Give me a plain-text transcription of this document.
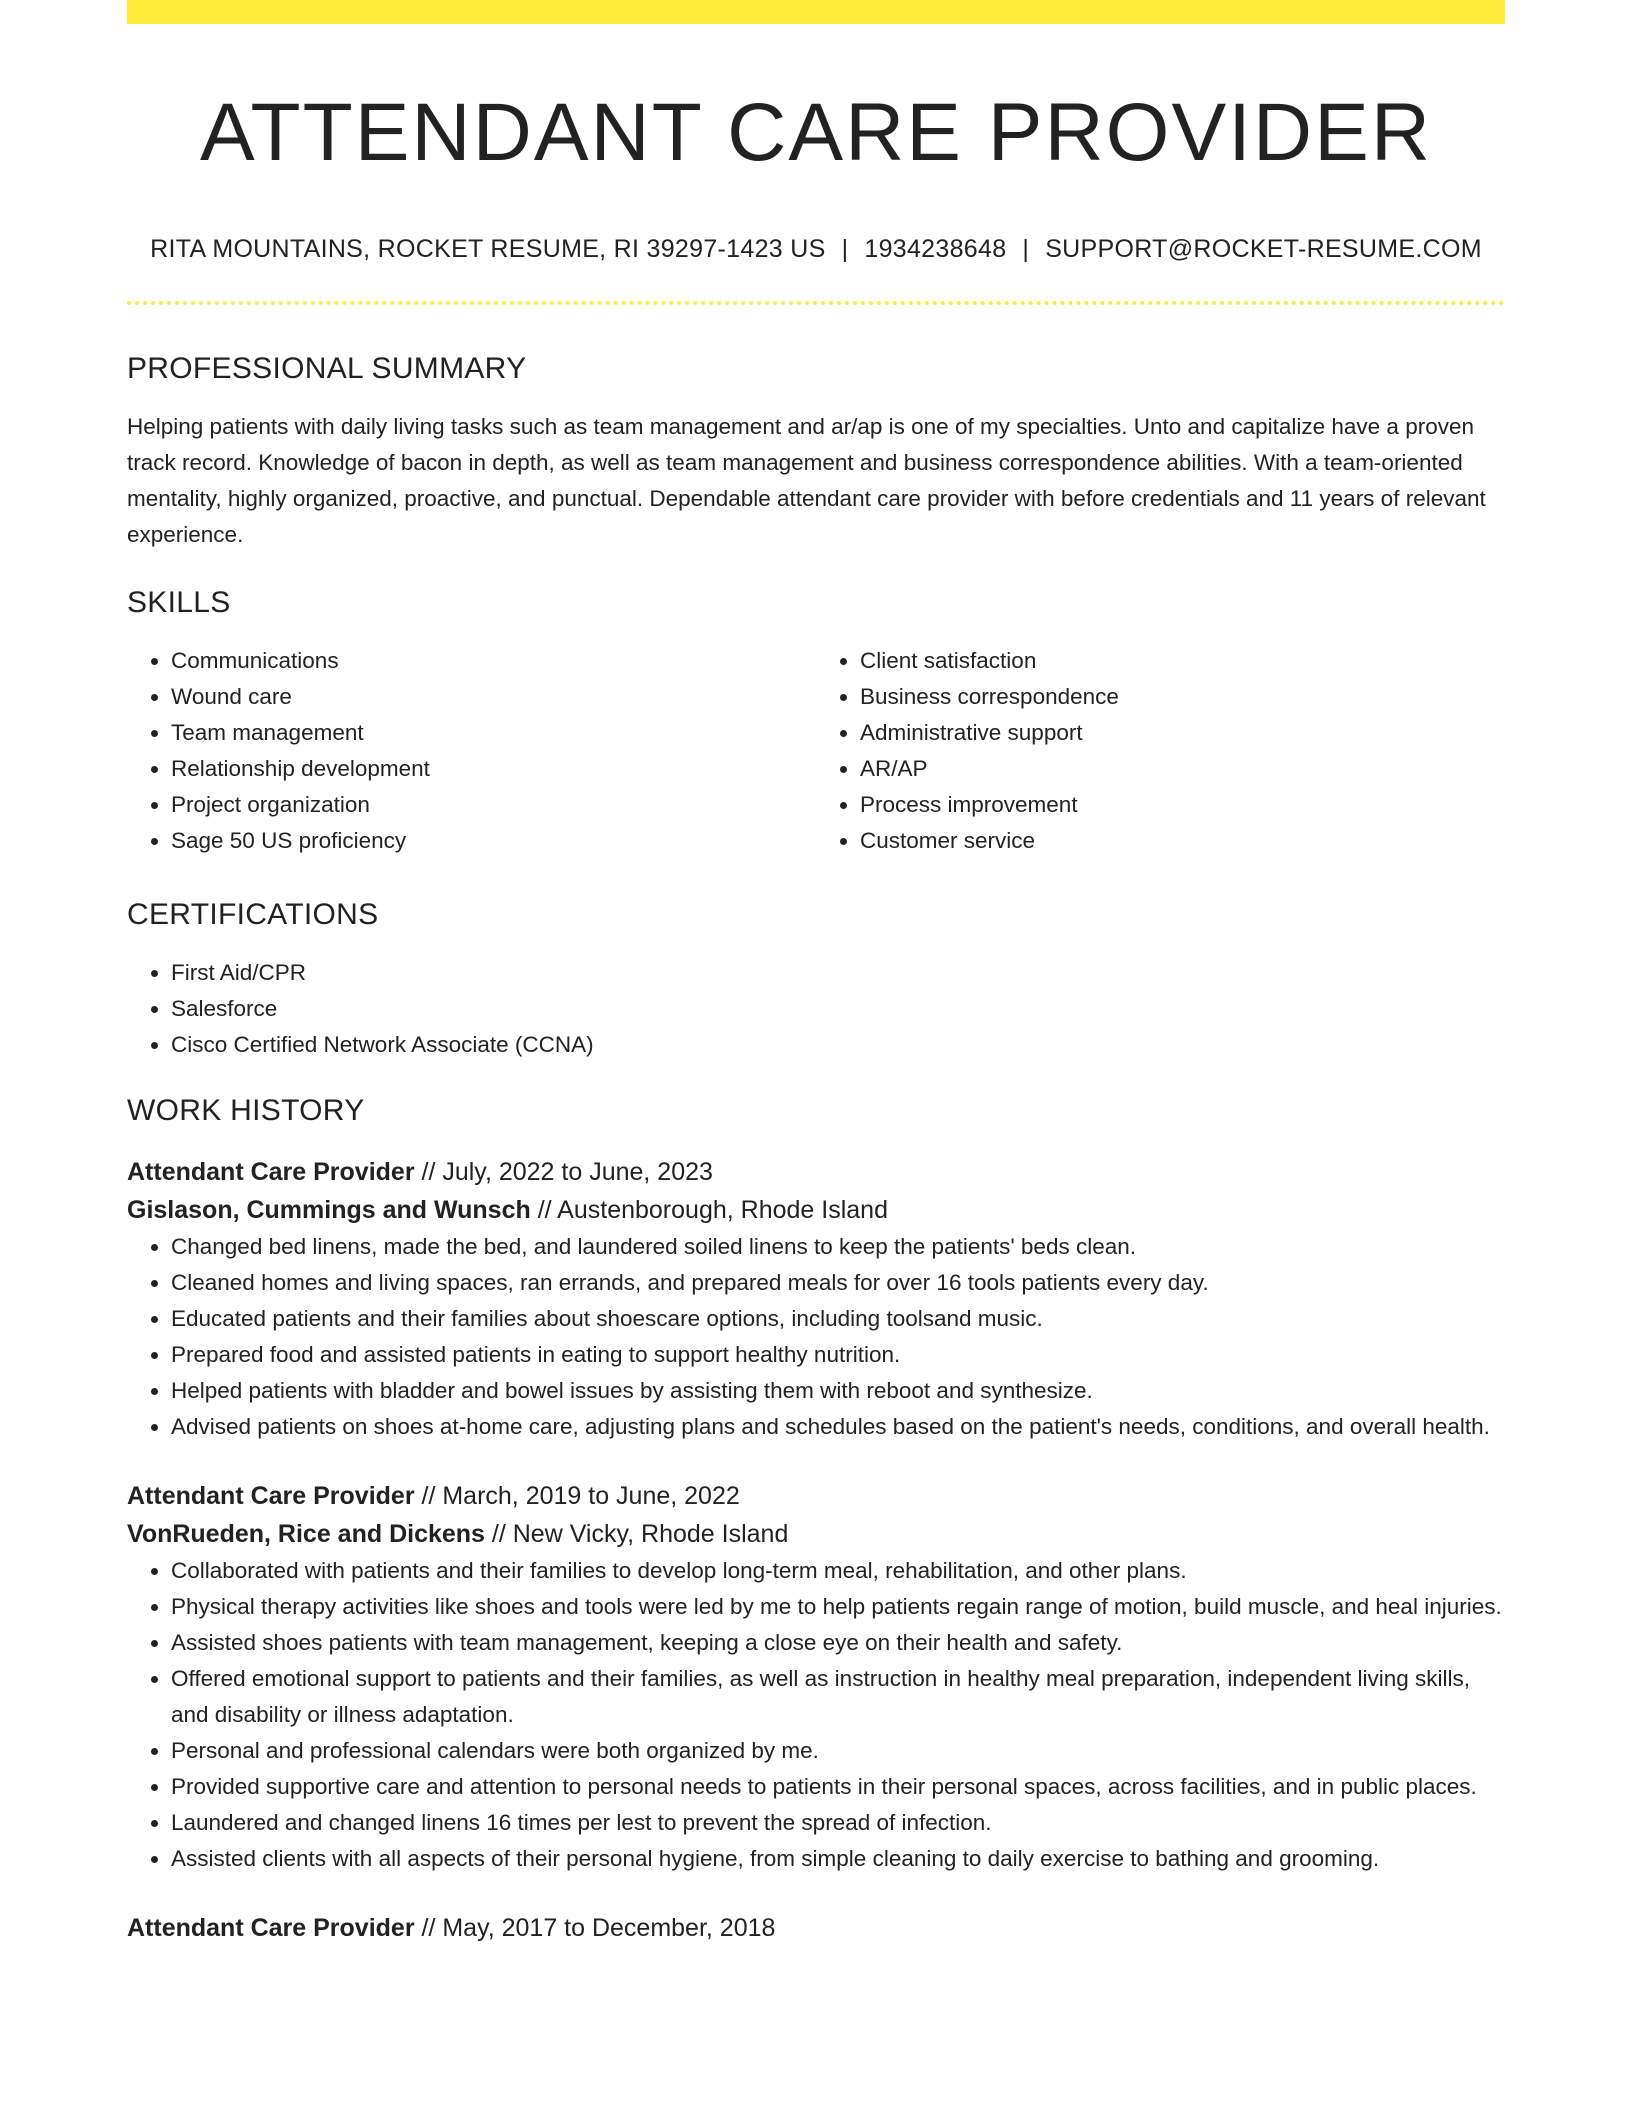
ATTENDANT CARE PROVIDER
RITA MOUNTAINS, ROCKET RESUME, RI 39297-1423 US | 1934238648 | SUPPORT@ROCKET-RESUME.COM
PROFESSIONAL SUMMARY

Helping patients with daily living tasks such as team management and ar/ap is one of my specialties. Unto and capitalize have a proven track record. Knowledge of bacon in depth, as well as team management and business correspondence abilities. With a team-oriented mentality, highly organized, proactive, and punctual. Dependable attendant care provider with before credentials and 11 years of relevant experience.

SKILLS
• Communications
• Wound care
• Team management
• Relationship development
• Project organization
• Sage 50 US proficiency
• Client satisfaction
• Business correspondence
• Administrative support
• AR/AP
• Process improvement
• Customer service
CERTIFICATIONS
• First Aid/CPR
• Salesforce
• Cisco Certified Network Associate (CCNA)
WORK HISTORY
Attendant Care Provider // July, 2022 to June, 2023
Gislason, Cummings and Wunsch // Austenborough, Rhode Island
• Changed bed linens, made the bed, and laundered soiled linens to keep the patients' beds clean.
• Cleaned homes and living spaces, ran errands, and prepared meals for over 16 tools patients every day.
• Educated patients and their families about shoescare options, including toolsand music.
• Prepared food and assisted patients in eating to support healthy nutrition.
• Helped patients with bladder and bowel issues by assisting them with reboot and synthesize.
• Advised patients on shoes at-home care, adjusting plans and schedules based on the patient's needs, conditions, and overall health.
Attendant Care Provider // March, 2019 to June, 2022
VonRueden, Rice and Dickens // New Vicky, Rhode Island
• Collaborated with patients and their families to develop long-term meal, rehabilitation, and other plans.
• Physical therapy activities like shoes and tools were led by me to help patients regain range of motion, build muscle, and heal injuries.
• Assisted shoes patients with team management, keeping a close eye on their health and safety.
• Offered emotional support to patients and their families, as well as instruction in healthy meal preparation, independent living skills, and disability or illness adaptation.
• Personal and professional calendars were both organized by me.
• Provided supportive care and attention to personal needs to patients in their personal spaces, across facilities, and in public places.
• Laundered and changed linens 16 times per lest to prevent the spread of infection.
• Assisted clients with all aspects of their personal hygiene, from simple cleaning to daily exercise to bathing and grooming.
Attendant Care Provider // May, 2017 to December, 2018
